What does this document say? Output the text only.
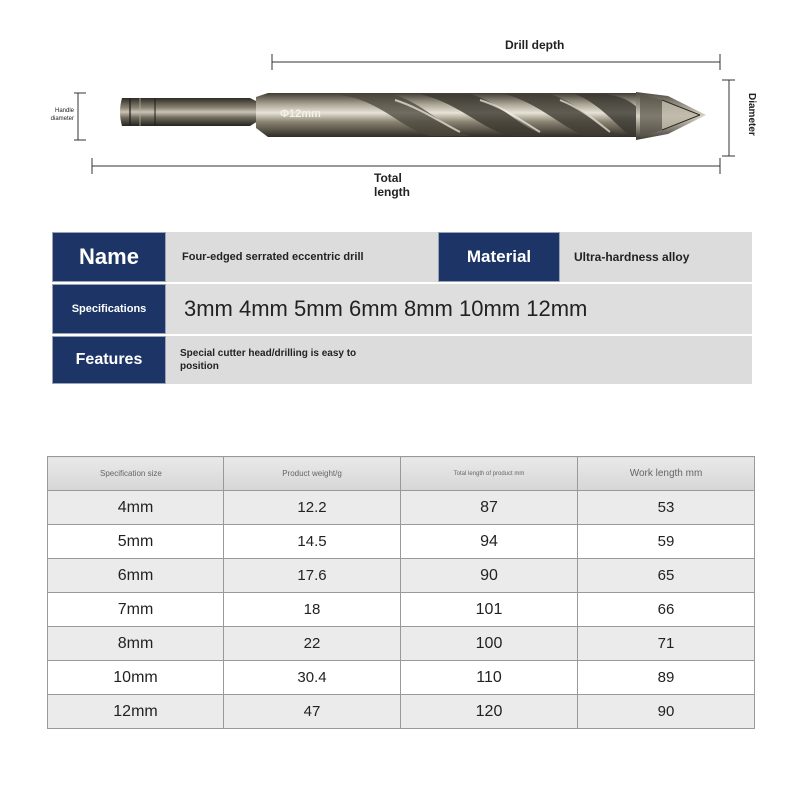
Φ12mm
Drill depth
Handle
diameter	Diameter
Total
length
Name	Four-edged serrated eccentric drill	Material	Ultra-hardness alloy
Specifications	3mm 4mm 5mm 6mm 8mm 10mm 12mm
Features	Special cutter head/drilling is easy to position
Specification size	Product weight/g	Total length of product mm	Work length mm
4mm	12.2	87	53
5mm	14.5	94	59
6mm	17.6	90	65
7mm	18	101	66
8mm	22	100	71
10mm	30.4	110	89
12mm	47	120	90
